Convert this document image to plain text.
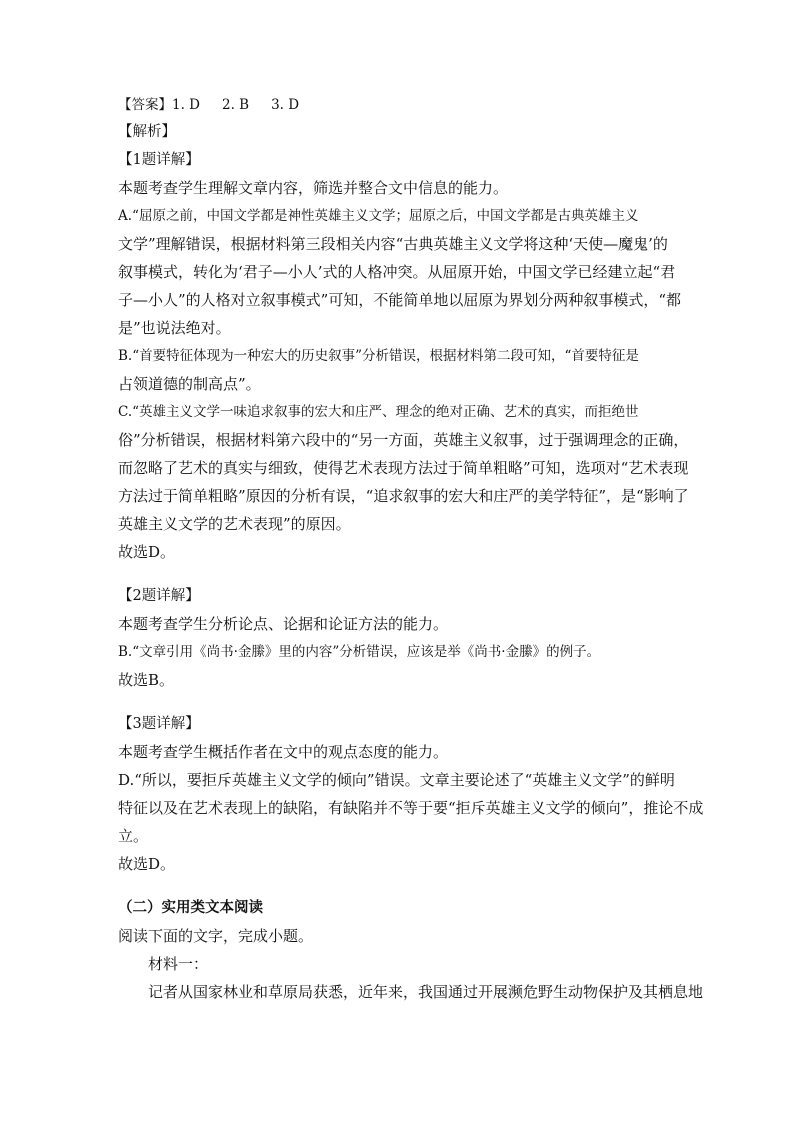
【答案】1. D 2. B 3. D
【解析】
【1题详解】
本题考查学生理解文章内容，筛选并整合文中信息的能力。
A.“屈原之前，中国文学都是神性英雄主义文学；屈原之后，中国文学都是古典英雄主义
文学”理解错误，根据材料第三段相关内容“古典英雄主义文学将这种‘天使—魔鬼’的
叙事模式，转化为‘君子—小人’式的人格冲突。从屈原开始，中国文学已经建立起“君
子—小人”的人格对立叙事模式”可知，不能简单地以屈原为界划分两种叙事模式，“都
是”也说法绝对。
B.“首要特征体现为一种宏大的历史叙事”分析错误，根据材料第二段可知，“首要特征是
占领道德的制高点”。
C.“英雄主义文学一味追求叙事的宏大和庄严、理念的绝对正确、艺术的真实，而拒绝世
俗”分析错误，根据材料第六段中的“另一方面，英雄主义叙事，过于强调理念的正确，
而忽略了艺术的真实与细致，使得艺术表现方法过于简单粗略”可知，选项对“艺术表现
方法过于简单粗略”原因的分析有误，“追求叙事的宏大和庄严的美学特征”，是“影响了
英雄主义文学的艺术表现”的原因。
故选D。
【2题详解】
本题考查学生分析论点、论据和论证方法的能力。
B.“文章引用《尚书·金縢》里的内容”分析错误，应该是举《尚书·金縢》的例子。
故选B。
【3题详解】
本题考查学生概括作者在文中的观点态度的能力。
D.“所以，要拒斥英雄主义文学的倾向”错误。文章主要论述了“英雄主义文学”的鲜明
特征以及在艺术表现上的缺陷，有缺陷并不等于要“拒斥英雄主义文学的倾向”，推论不成
立。
故选D。
（二）实用类文本阅读
阅读下面的文字，完成小题。
材料一：
记者从国家林业和草原局获悉，近年来，我国通过开展濒危野生动物保护及其栖息地
